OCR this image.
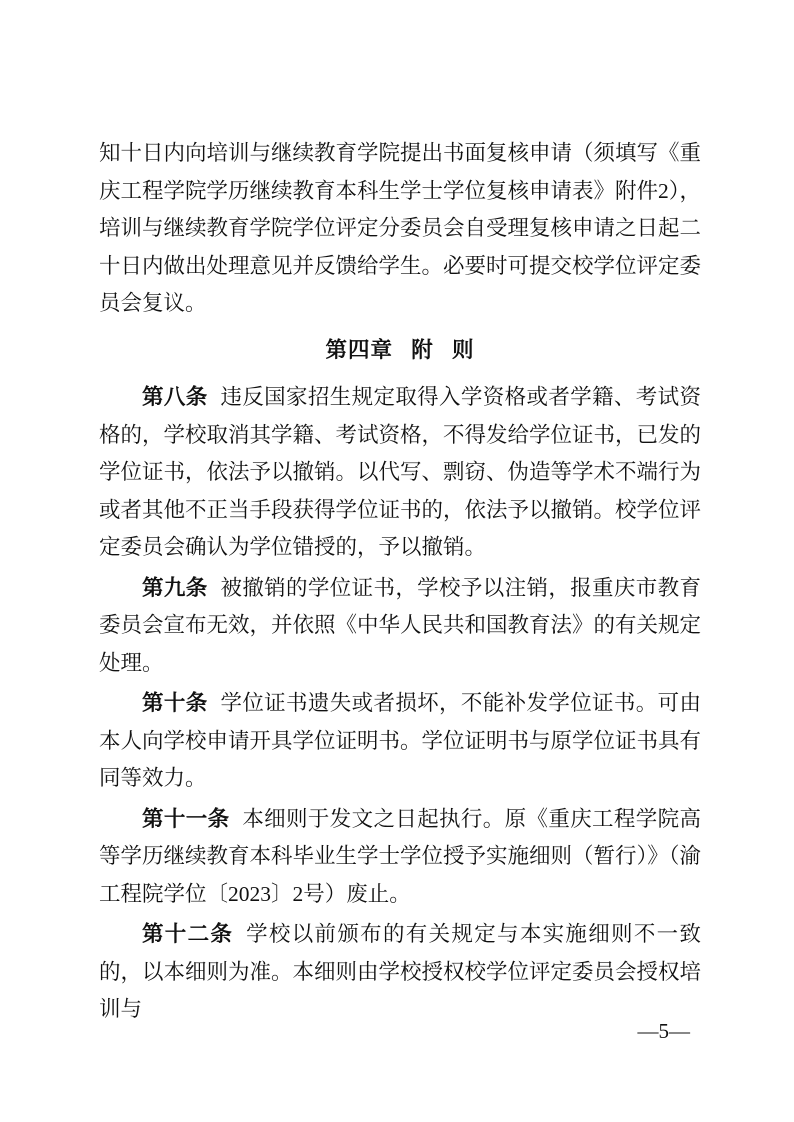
知十日内向培训与继续教育学院提出书面复核申请（须填写《重庆工程学院学历继续教育本科生学士学位复核申请表》附件2），培训与继续教育学院学位评定分委员会自受理复核申请之日起二十日内做出处理意见并反馈给学生。必要时可提交校学位评定委员会复议。

第四章 附 则

第八条 违反国家招生规定取得入学资格或者学籍、考试资格的，学校取消其学籍、考试资格，不得发给学位证书，已发的学位证书，依法予以撤销。以代写、剽窃、伪造等学术不端行为或者其他不正当手段获得学位证书的，依法予以撤销。校学位评定委员会确认为学位错授的，予以撤销。

第九条 被撤销的学位证书，学校予以注销，报重庆市教育委员会宣布无效，并依照《中华人民共和国教育法》的有关规定处理。

第十条 学位证书遗失或者损坏，不能补发学位证书。可由本人向学校申请开具学位证明书。学位证明书与原学位证书具有同等效力。

第十一条 本细则于发文之日起执行。原《重庆工程学院高等学历继续教育本科毕业生学士学位授予实施细则（暂行）》（渝工程院学位〔2023〕2号）废止。

第十二条 学校以前颁布的有关规定与本实施细则不一致的，以本细则为准。本细则由学校授权校学位评定委员会授权培训与

—5—
